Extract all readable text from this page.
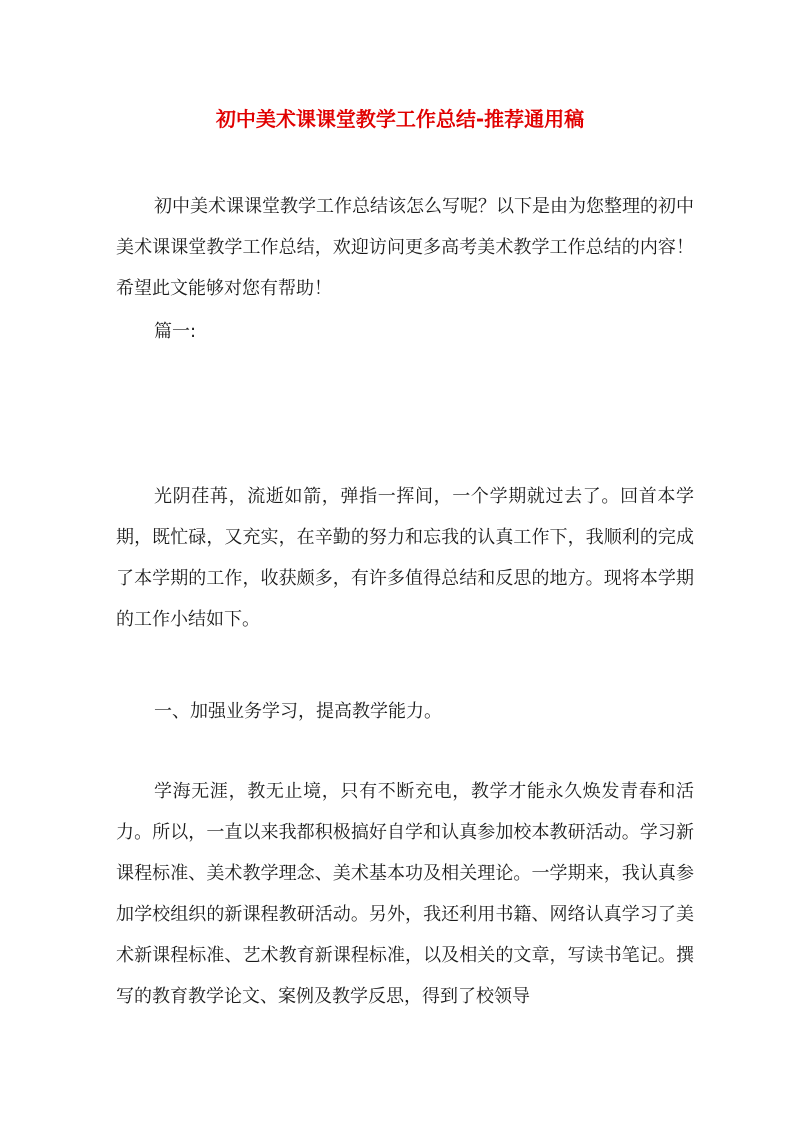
初中美术课课堂教学工作总结-推荐通用稿

初中美术课课堂教学工作总结该怎么写呢？以下是由为您整理的初中美术课课堂教学工作总结，欢迎访问更多高考美术教学工作总结的内容！希望此文能够对您有帮助！

篇一:

光阴荏苒，流逝如箭，弹指一挥间，一个学期就过去了。回首本学期，既忙碌，又充实，在辛勤的努力和忘我的认真工作下，我顺利的完成了本学期的工作，收获颇多，有许多值得总结和反思的地方。现将本学期的工作小结如下。

一、加强业务学习，提高教学能力。

学海无涯，教无止境，只有不断充电，教学才能永久焕发青春和活力。所以，一直以来我都积极搞好自学和认真参加校本教研活动。学习新课程标准、美术教学理念、美术基本功及相关理论。一学期来，我认真参加学校组织的新课程教研活动。另外，我还利用书籍、网络认真学习了美术新课程标准、艺术教育新课程标准，以及相关的文章，写读书笔记。撰写的教育教学论文、案例及教学反思，得到了校领导
